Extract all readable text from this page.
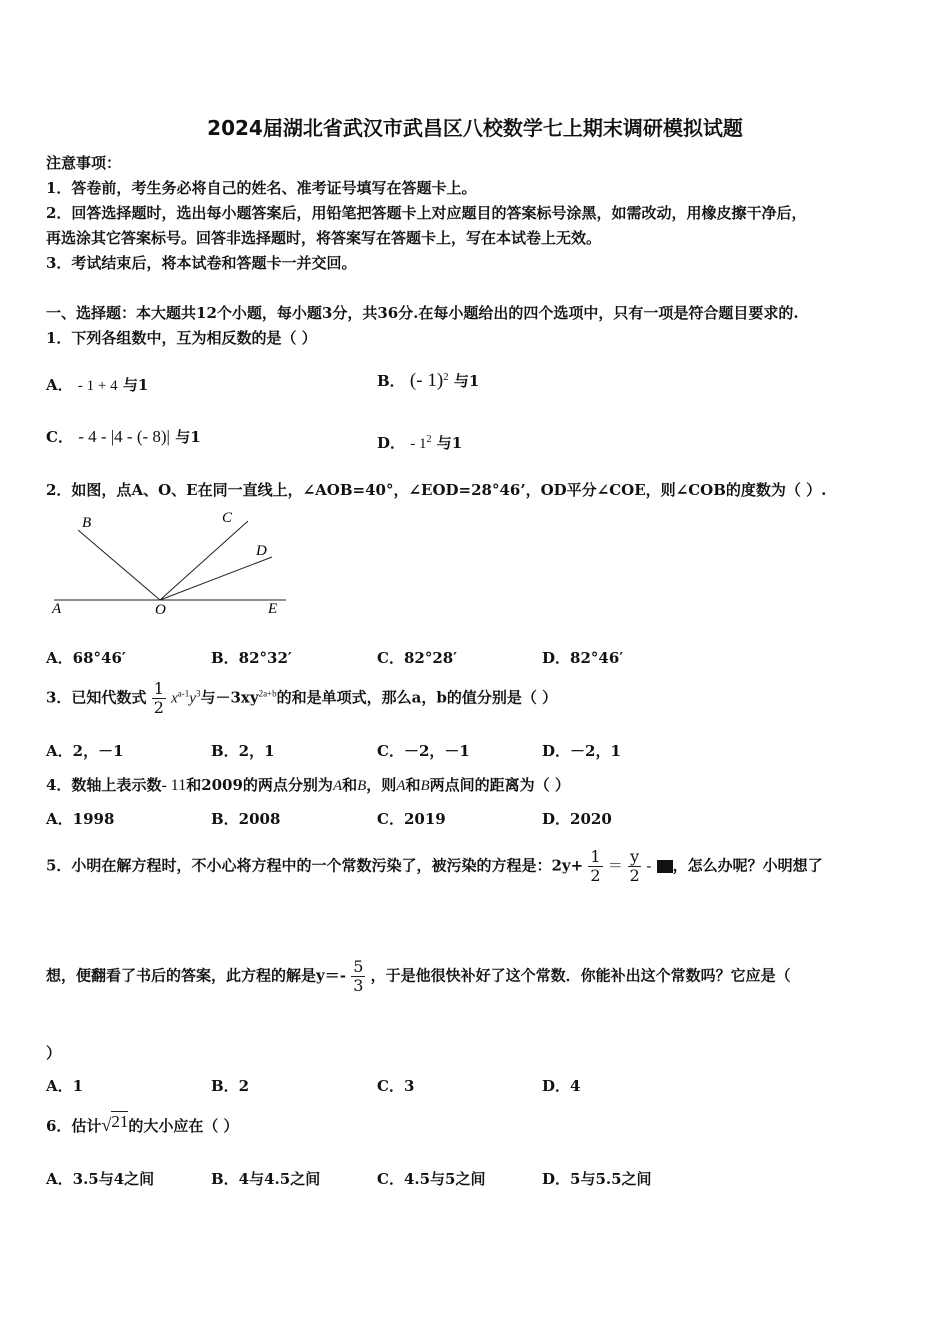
2024届湖北省武汉市武昌区八校数学七上期末调研模拟试题
注意事项：
1．答卷前，考生务必将自己的姓名、准考证号填写在答题卡上。
2．回答选择题时，选出每小题答案后，用铅笔把答题卡上对应题目的答案标号涂黑，如需改动，用橡皮擦干净后，
再选涂其它答案标号。回答非选择题时，将答案写在答题卡上，写在本试卷上无效。
3．考试结束后，将本试卷和答题卡一并交回。
一、选择题：本大题共12个小题，每小题3分，共36分.在每小题给出的四个选项中，只有一项是符合题目要求的.
1．下列各组数中，互为相反数的是（ ）
A． - 1 + 4 与1	B． (- 1)$^2$ 与1
C． - 4 - |4 - (- 8)| 与1	D． - $1^2$ 与1
2．如图，点A、O、E在同一直线上，∠AOB=40°，∠EOD=28°46’，OD平分∠COE，则∠COB的度数为（ ）.
A
B	C
D
O	E
A．68°46′	B．82°32′	C．82°28′	D．82°46′
3．已知代数式 $\frac{1}{2} x^{a-1}y^3$与$-3xy^{2a+b}$的和是单项式，那么a，b的值分别是（ ）
A．2，－1	B．2，1	C．－2，－1	D．－2，1
4．数轴上表示数- 11和2009的两点分别为A和B，则A和B两点间的距离为（ ）
A．1998	B．2008	C．2019	D．2020
5．小明在解方程时，不小心将方程中的一个常数污染了，被污染的方程是：$2y+ \frac{1}{2} = \frac{y}{2}$ - ，怎么办呢？小明想了
想，便翻看了书后的答案，此方程的解是$y=- \frac{5}{3}$ ，于是他很快补好了这个常数．你能补出这个常数吗？它应是（
）
A．1	B．2	C．3	D．4
6．估计√21的大小应在（ ）
A．3.5与4之间	B．4与4.5之间	C．4.5与5之间	D．5与5.5之间
